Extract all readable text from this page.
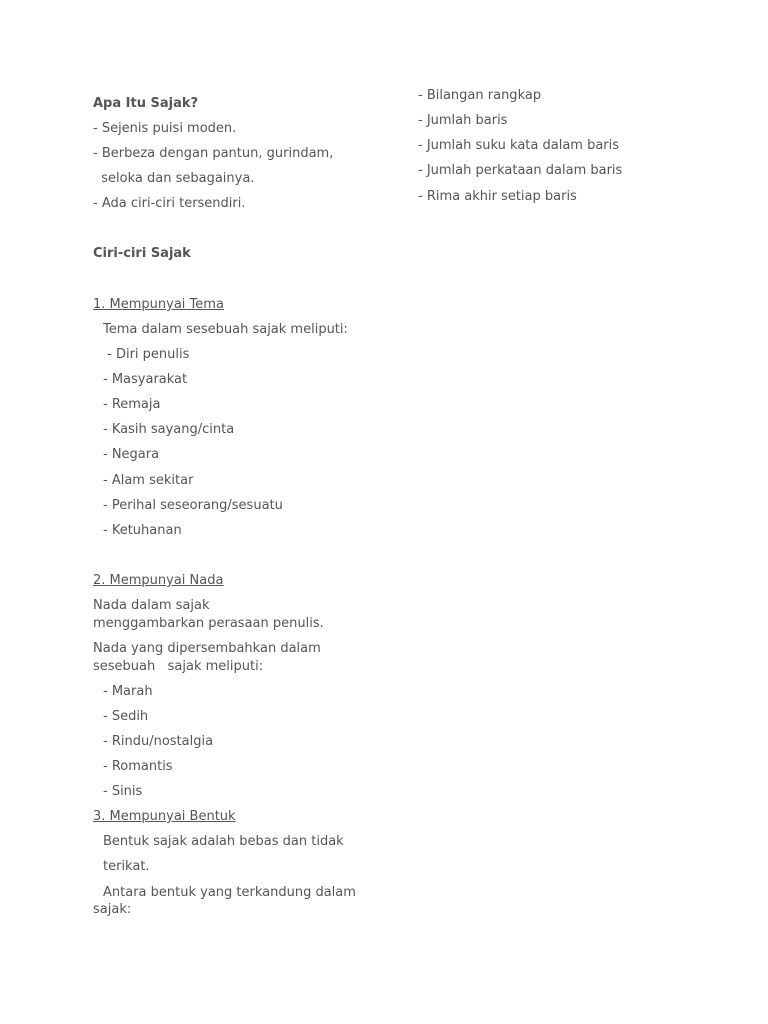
Apa Itu Sajak?

- Sejenis puisi moden.

- Berbeza dengan pantun, gurindam,

seloka dan sebagainya.

- Ada ciri-ciri tersendiri.

Ciri-ciri Sajak

1. Mempunyai Tema

Tema dalam sesebuah sajak meliputi:

- Diri penulis

- Masyarakat

- Remaja

- Kasih sayang/cinta

- Negara

- Alam sekitar

- Perihal seseorang/sesuatu

- Ketuhanan

2. Mempunyai Nada

Nada dalam sajak

menggambarkan perasaan penulis.

Nada yang dipersembahkan dalam

sesebuah   sajak meliputi:

- Marah

- Sedih

- Rindu/nostalgia

- Romantis

- Sinis

3. Mempunyai Bentuk

Bentuk sajak adalah bebas dan tidak

terikat.

Antara bentuk yang terkandung dalam

sajak:

- Bilangan rangkap

- Jumlah baris

- Jumlah suku kata dalam baris

- Jumlah perkataan dalam baris

- Rima akhir setiap baris
